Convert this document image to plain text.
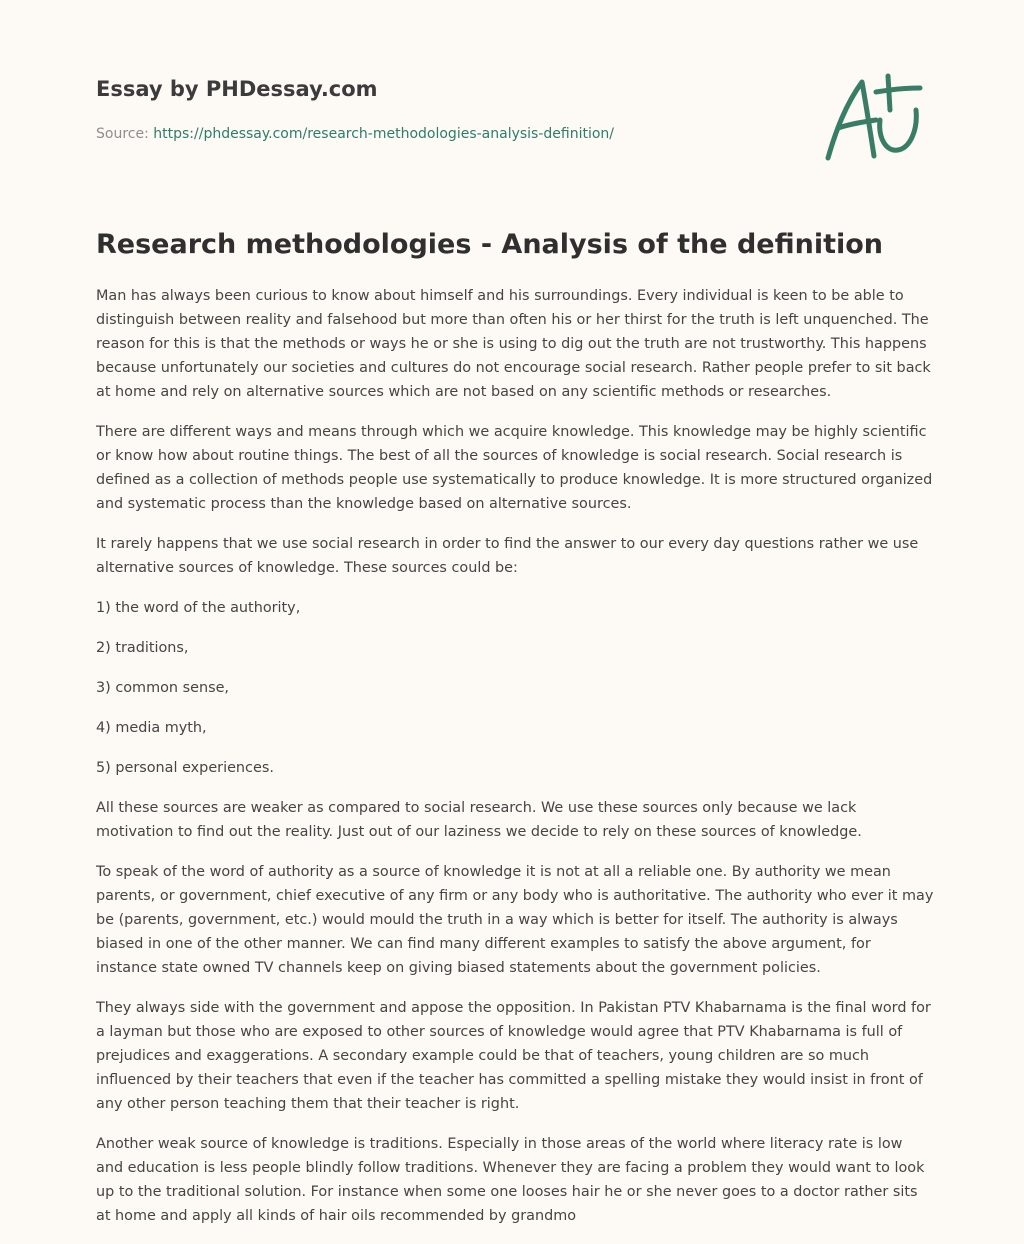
Essay by PHDessay.com
Source: https://phdessay.com/research-methodologies-analysis-definition/
Research methodologies - Analysis of the definition

Man has always been curious to know about himself and his surroundings. Every individual is keen to be able to distinguish between reality and falsehood but more than often his or her thirst for the truth is left unquenched. The reason for this is that the methods or ways he or she is using to dig out the truth are not trustworthy. This happens because unfortunately our societies and cultures do not encourage social research. Rather people prefer to sit back at home and rely on alternative sources which are not based on any scientific methods or researches.

There are different ways and means through which we acquire knowledge. This knowledge may be highly scientific or know how about routine things. The best of all the sources of knowledge is social research. Social research is defined as a collection of methods people use systematically to produce knowledge. It is more structured organized and systematic process than the knowledge based on alternative sources.

It rarely happens that we use social research in order to find the answer to our every day questions rather we use alternative sources of knowledge. These sources could be:

1) the word of the authority,

2) traditions,

3) common sense,

4) media myth,

5) personal experiences.

All these sources are weaker as compared to social research. We use these sources only because we lack motivation to find out the reality. Just out of our laziness we decide to rely on these sources of knowledge.

To speak of the word of authority as a source of knowledge it is not at all a reliable one. By authority we mean parents, or government, chief executive of any firm or any body who is authoritative. The authority who ever it may be (parents, government, etc.) would mould the truth in a way which is better for itself. The authority is always biased in one of the other manner. We can find many different examples to satisfy the above argument, for instance state owned TV channels keep on giving biased statements about the government policies.

They always side with the government and appose the opposition. In Pakistan PTV Khabarnama is the final word for a layman but those who are exposed to other sources of knowledge would agree that PTV Khabarnama is full of prejudices and exaggerations. A secondary example could be that of teachers, young children are so much influenced by their teachers that even if the teacher has committed a spelling mistake they would insist in front of any other person teaching them that their teacher is right.

Another weak source of knowledge is traditions. Especially in those areas of the world where literacy rate is low and education is less people blindly follow traditions. Whenever they are facing a problem they would want to look up to the traditional solution. For instance when some one looses hair he or she never goes to a doctor rather sits at home and apply all kinds of hair oils recommended by grandmo
